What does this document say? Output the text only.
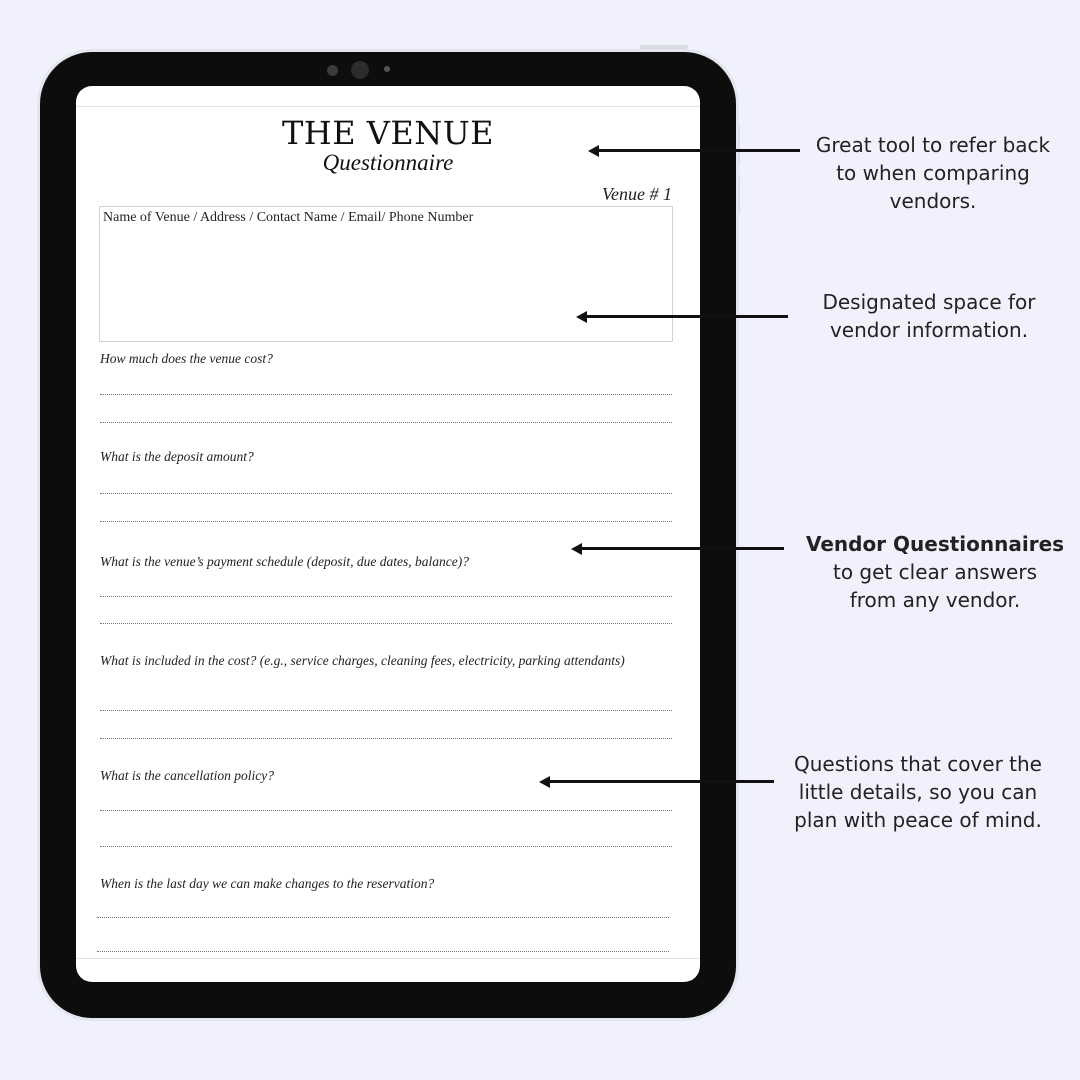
THE VENUE
Questionnaire
Venue # 1
Name of Venue / Address / Contact Name / Email/ Phone Number
How much does the venue cost?
What is the deposit amount?
What is the venue’s payment schedule (deposit, due dates, balance)?
What is included in the cost? (e.g., service charges, cleaning fees, electricity, parking attendants)
What is the cancellation policy?
When is the last day we can make changes to the reservation?
Great tool to refer back
to when comparing
vendors.
Designated space for
vendor information.
Vendor Questionnaires
to get clear answers
from any vendor.
Questions that cover the
little details, so you can
plan with peace of mind.
